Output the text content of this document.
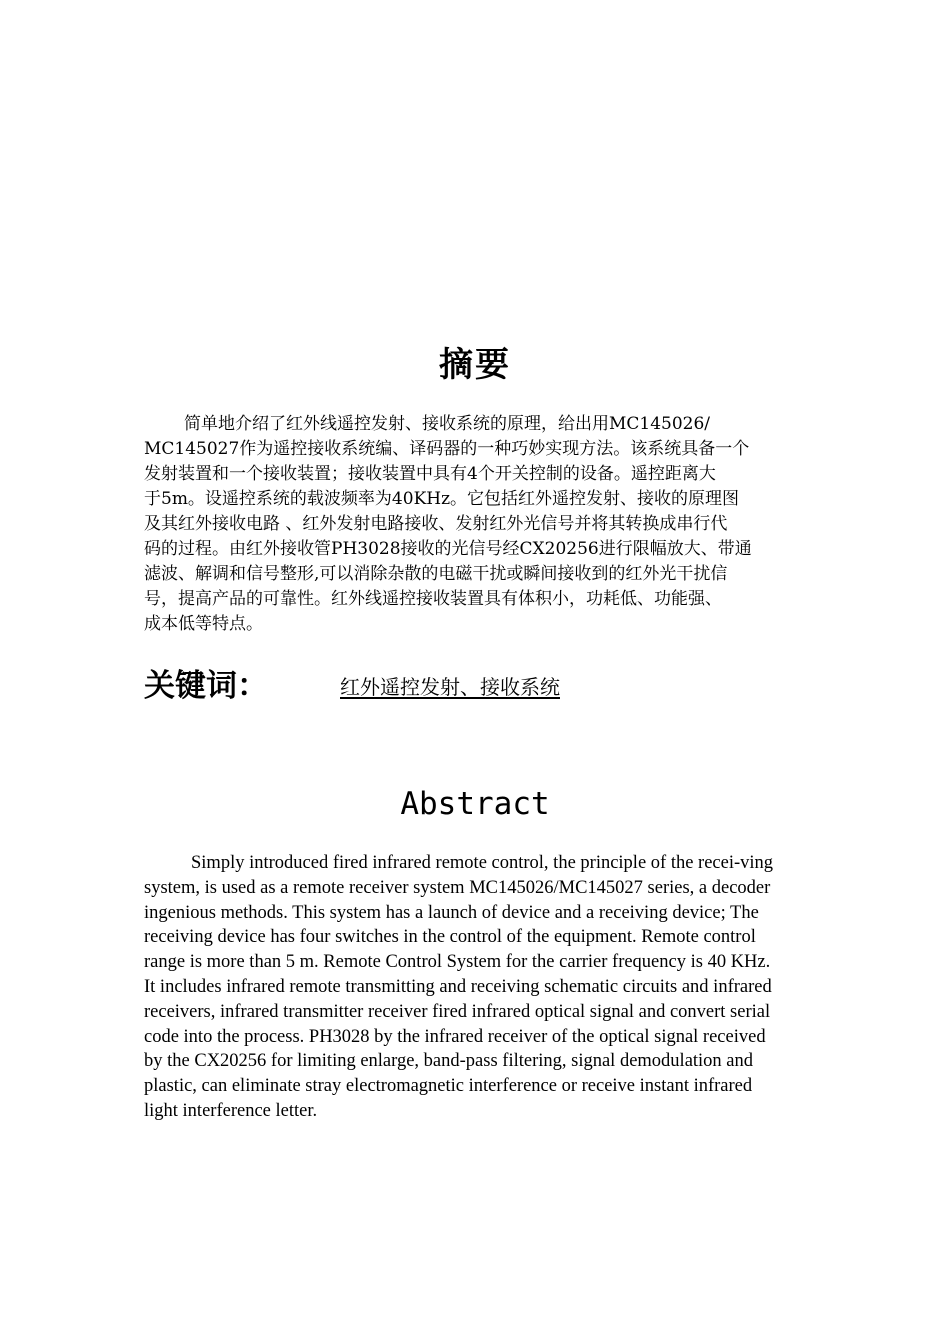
摘要
简单地介绍了红外线遥控发射、接收系统的原理，给出用MC145026/
MC145027作为遥控接收系统编、译码器的一种巧妙实现方法。该系统具备一个
发射装置和一个接收装置；接收装置中具有4个开关控制的设备。遥控距离大
于5m。设遥控系统的载波频率为40KHz。它包括红外遥控发射、接收的原理图
及其红外接收电路 、红外发射电路接收、发射红外光信号并将其转换成串行代
码的过程。由红外接收管PH3028接收的光信号经CX20256进行限幅放大、带通
滤波、解调和信号整形,可以消除杂散的电磁干扰或瞬间接收到的红外光干扰信
号，提高产品的可靠性。红外线遥控接收装置具有体积小，功耗低、功能强、
成本低等特点。
关键词：	红外遥控发射、接收系统
Abstract
Simply introduced fired infrared remote control, the principle of the recei-ving
system, is used as a remote receiver system MC145026/MC145027 series, a decoder
ingenious methods. This system has a launch of device and a receiving device; The
receiving device has four switches in the control of the equipment. Remote control
range is more than 5 m. Remote Control System for the carrier frequency is 40 KHz.
It includes infrared remote transmitting and receiving schematic circuits and infrared
receivers, infrared transmitter receiver fired infrared optical signal and convert serial
code into the process. PH3028 by the infrared receiver of the optical signal received
by the CX20256 for limiting enlarge, band-pass filtering, signal demodulation and
plastic, can eliminate stray electromagnetic interference or receive instant infrared
light interference letter.
